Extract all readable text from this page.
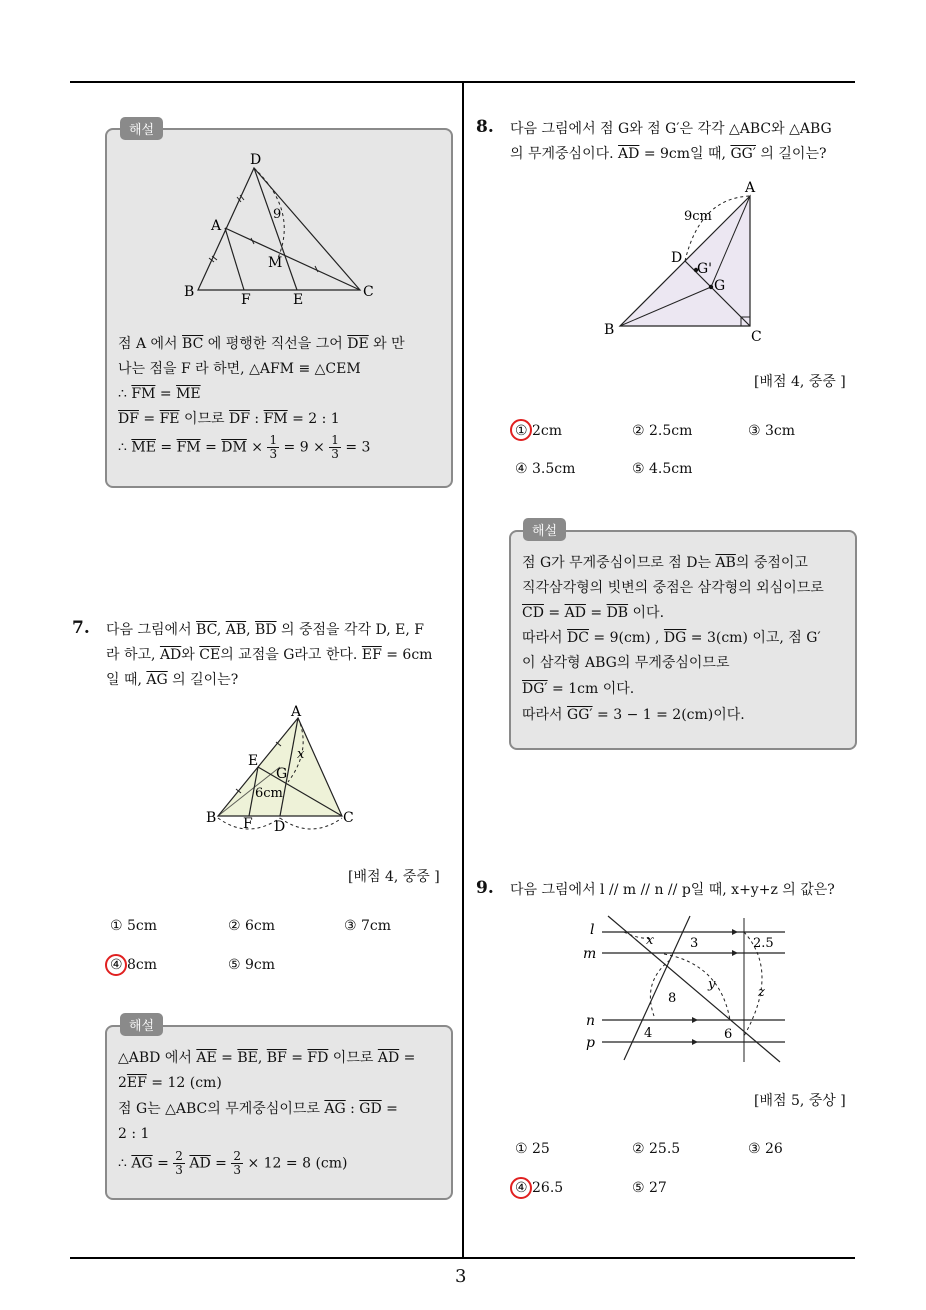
3
해설
D
A
B	F	E	C
M
9
점 A 에서 $\overline{BC}$ 에 평행한 직선을 그어 $\overline{DE}$ 와 만
나는 점을 F 라 하면, △AFM ≡ △CEM
∴ $\overline{FM} = \overline{ME}$
$\overline{DF} = \overline{FE}$ 이므로 $\overline{DF}$ : $\overline{FM} = 2$ : 1
∴ $\overline{ME} = \overline{FM} = \overline{DM} \times \frac{1}{3} = 9 \times \frac{1}{3} = 3$
7. 다음 그림에서 $\overline{BC}$, $\overline{AB}$, $\overline{BD}$ 의 중점을 각각 D, E, F
라 하고, $\overline{AD}$와 $\overline{CE}$의 교점을 G라고 한다. $\overline{EF} = 6cm$
일 때, $\overline{AG}$ 의 길이는?
A
E
G
x
6cm
B F D
C
[배점 4, 중중 ]
① 5cm	② 6cm	③ 7cm
④ 8cm	⑤ 9cm
해설
△ABD 에서 $\overline{AE} = \overline{BE}$, $\overline{BF} = \overline{FD}$ 이므로 $\overline{AD}$ =
$2\overline{EF} = 12$ (cm)
점 G는 △ABC의 무게중심이므로 $\overline{AG}$ : $\overline{GD}$ =
2 : 1
∴ $\overline{AG} = \frac{2}{3} \overline{AD} = \frac{2}{3} \times 12 = 8$ (cm)
8. 다음 그림에서 점 G와 점 G′은 각각 △ABC와 △ABG
의 무게중심이다. $\overline{AD} = 9cm$일 때, GG′ 의 길이는?
A
9cm
D
G'
G
B	C
[배점 4, 중중 ]
① 2cm	② 2.5cm	③ 3cm
④ 3.5cm	⑤ 4.5cm
해설
점 G가 무게중심이므로 점 D는 $\overline{AB}$의 중점이고
직각삼각형의 빗변의 중점은 삼각형의 외심이므로
$\overline{CD} = \overline{AD} = \overline{DB}$ 이다.
따라서 $\overline{DC} = 9(cm)$ , $\overline{DG} = 3(cm)$ 이고, 점 G′
이 삼각형 ABG의 무게중심이므로
DG′ = 1cm 이다.
따라서 GG′ = 3 − 1 = 2(cm)이다.
9. 다음 그림에서 l // m // n // p일 때, x+y+z 의 값은?
l
m
n
p
x	3	2.5
y
z
8
4	6
[배점 5, 중상 ]
① 25	② 25.5	③ 26
④ 26.5	⑤ 27
